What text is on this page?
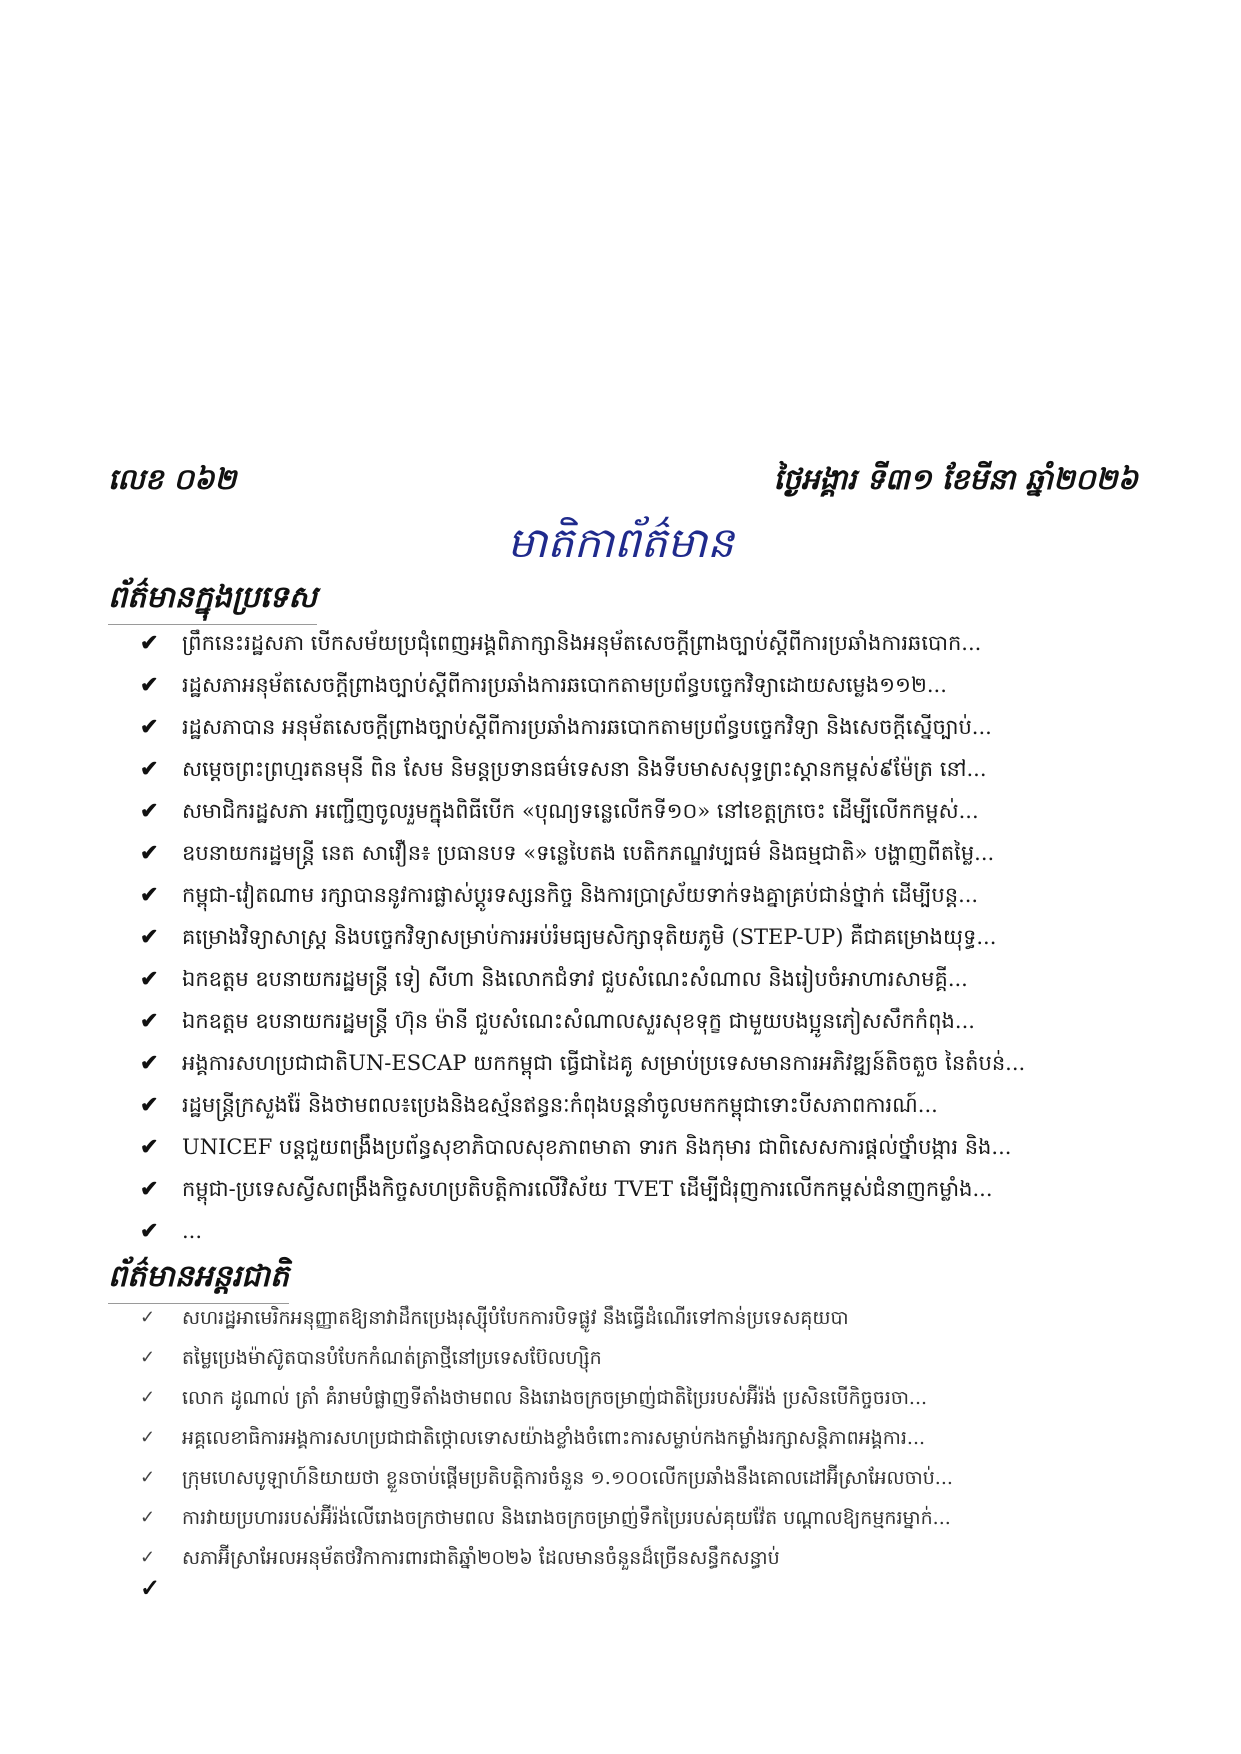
លេខ ០៦២	ថ្ងៃអង្គារ ទី៣១ ខែមីនា ឆ្នាំ២០២៦
មាតិកាព័ត៌មាន
ព័ត៌មានក្នុងប្រទេស
✔ ព្រឹកនេះរដ្ឋសភា បើកសម័យប្រជុំពេញអង្គពិភាក្សានិងអនុម័តសេចក្តីព្រាងច្បាប់ស្តីពីការប្រឆាំងការឆបោក...
✔ រដ្ឋសភាអនុម័តសេចក្តីព្រាងច្បាប់ស្តីពីការប្រឆាំងការឆបោកតាមប្រព័ន្ធបច្ចេកវិទ្យាដោយសម្លេង១១២...
✔ រដ្ឋសភាបាន អនុម័តសេចក្តីព្រាងច្បាប់ស្តីពីការប្រឆាំងការឆបោកតាមប្រព័ន្ធបច្ចេកវិទ្យា និងសេចក្តីស្នើច្បាប់...
✔ សម្តេចព្រះព្រហ្មរតនមុនី ពិន សែម និមន្តប្រទានធម៌ទេសនា និងទីបមាសសុទ្ធព្រះស្តានកម្ពស់៩ម៉ែត្រ នៅ...
✔ សមាជិករដ្ឋសភា អញ្ជើញចូលរួមក្នុងពិធីបើក «បុណ្យទន្លេលើកទី១០» នៅខេត្តក្រចេះ ដើម្បីលើកកម្ពស់...
✔ ឧបនាយករដ្ឋមន្ត្រី នេត សាវឿន៖ ប្រធានបទ «ទន្លេបៃតង បេតិកភណ្ឌវប្បធម៌ និងធម្មជាតិ» បង្ហាញពីតម្លៃ...
✔ កម្ពុជា-វៀតណាម រក្សាបាននូវការផ្លាស់ប្តូរទស្សនកិច្ច និងការប្រាស្រ័យទាក់ទងគ្នាគ្រប់ជាន់ថ្នាក់ ដើម្បីបន្ត...
✔ គម្រោងវិទ្យាសាស្ត្រ និងបច្ចេកវិទ្យាសម្រាប់ការអប់រំមធ្យមសិក្សាទុតិយភូមិ (STEP-UP) គឺជាគម្រោងយុទ្ធ...
✔ ឯកឧត្តម ឧបនាយករដ្ឋមន្ត្រី ទៀ សីហា និងលោកជំទាវ ជួបសំណេះសំណាល និងរៀបចំអាហារសាមគ្គី...
✔ ឯកឧត្តម ឧបនាយករដ្ឋមន្ត្រី ហ៊ុន ម៉ានី ជួបសំណេះសំណាលសួរសុខទុក្ខ ជាមួយបងប្អូនភៀសសឹកកំពុង...
✔ អង្គការសហប្រជាជាតិUN-ESCAP យកកម្ពុជា ធ្វើជាដៃគូ សម្រាប់ប្រទេសមានការអភិវឌ្ឍន៍តិចតួច នៃតំបន់...
✔ រដ្ឋមន្ត្រីក្រសួងរ៉ែ និងថាមពល៖ប្រេងនិងឧស្ម័នឥន្ធនៈកំពុងបន្តនាំចូលមកកម្ពុជាទោះបីសភាពការណ៍...
✔ UNICEF បន្តជួយពង្រឹងប្រព័ន្ធសុខាភិបាលសុខភាពមាតា ទារក និងកុមារ ជាពិសេសការផ្តល់ថ្នាំបង្ការ និង...
✔ កម្ពុជា-ប្រទេសស្វីសពង្រឹងកិច្ចសហប្រតិបត្តិការលើវិស័យ TVET ដើម្បីជំរុញការលើកកម្ពស់ជំនាញកម្លាំង...
✔ ...
ព័ត៌មានអន្តរជាតិ
✓ សហរដ្ឋអាមេរិកអនុញ្ញាតឱ្យនាវាដឹកប្រេងរុស្ស៊ីបំបែកការបិទផ្លូវ នឹងធ្វើដំណើរទៅកាន់ប្រទេសគុយបា
✓ តម្លៃប្រេងម៉ាស៊ូតបានបំបែកកំណត់ត្រាថ្មីនៅប្រទេសប៊ែលហ្ស៊ិក
✓ លោក ដូណាល់ ត្រាំ គំរាមបំផ្លាញទីតាំងថាមពល និងរោងចក្រចម្រាញ់ជាតិប្រៃរបស់អ៊ីរ៉ង់ ប្រសិនបើកិច្ចចរចា...
✓ អគ្គលេខាធិការអង្គការសហប្រជាជាតិថ្កោលទោសយ៉ាងខ្លាំងចំពោះការសម្លាប់កងកម្លាំងរក្សាសន្តិភាពអង្គការ...
✓ ក្រុមហេសបូឡាហ៍និយាយថា ខ្លួនចាប់ផ្តើមប្រតិបត្តិការចំនួន ១.១០០លើកប្រឆាំងនឹងគោលដៅអ៊ីស្រាអែលចាប់...
✓ ការវាយប្រហាររបស់អ៊ីរ៉ង់លើរោងចក្រថាមពល និងរោងចក្រចម្រាញ់ទឹកប្រៃរបស់គុយវ៉ែត បណ្តាលឱ្យកម្មករម្នាក់...
✓ សភាអ៊ីស្រាអែលអនុម័តថវិកាការពារជាតិឆ្នាំ២០២៦ ដែលមានចំនួនដ៏ច្រើនសន្ធឹកសន្ធាប់
✓
